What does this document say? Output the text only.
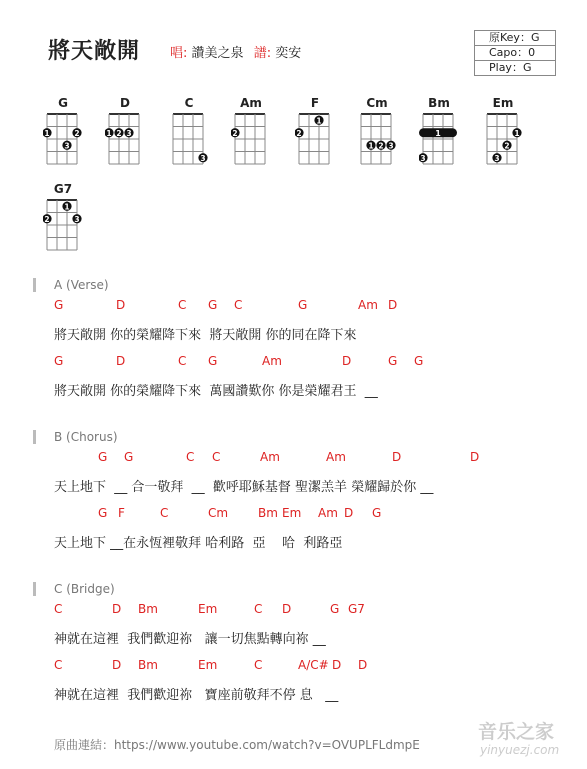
將天敞開 唱: 讚美之泉 譜: 奕安
原Key：G
Capo：0
Play：G
G
1	2
3
D
1 2 3
C
3
Am
2
F
1
2
Cm
1 2 3
Bm
1
3
Em
1
2
3
G7
1
2	3
A (Verse)
G	D	C G C	G	Am D
將天敞開 你的榮耀降下來  將天敞開 你的同在降下來
G	D	C G	Am	D	G G
將天敞開 你的榮耀降下來  萬國讚歎你 你是榮耀君王  __
B (Chorus)
G G	C C	Am	Am	D	D
天上地下  __ 合一敬拜  __  歡呼耶穌基督 聖潔羔羊 榮耀歸於你 __
G F	C	Cm Bm Em Am D G
天上地下 __在永恆裡敬拜 哈利路  亞    哈  利路亞
C (Bridge)
C	D Bm	Em	C D	G G7
神就在這裡  我們歡迎祢   讓一切焦點轉向祢 __
C	D Bm	Em	C	A/C# D D
神就在這裡  我們歡迎祢   寶座前敬拜不停 息   __
原曲連結：https://www.youtube.com/watch?v=OVUPLFLdmpE
音乐之家
yinyuezj.com
